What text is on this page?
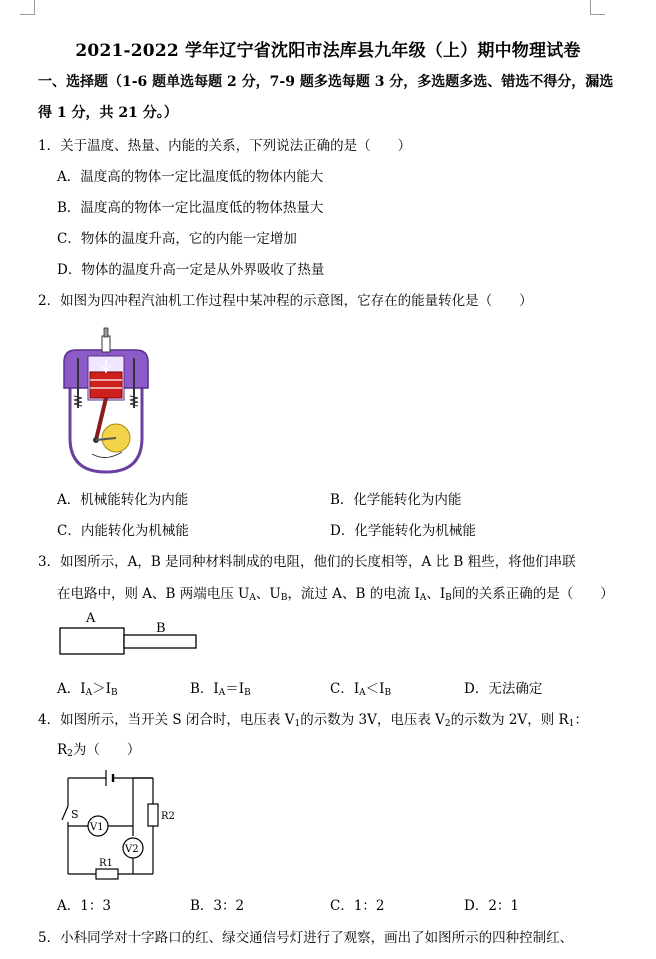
2021-2022 学年辽宁省沈阳市法库县九年级（上）期中物理试卷
一、选择题（1-6 题单选每题 2 分，7-9 题多选每题 3 分，多选题多选、错选不得分，漏选
得 1 分，共 21 分。）
1．关于温度、热量、内能的关系，下列说法正确的是（　　）
A．温度高的物体一定比温度低的物体内能大
B．温度高的物体一定比温度低的物体热量大
C．物体的温度升高，它的内能一定增加
D．物体的温度升高一定是从外界吸收了热量
2．如图为四冲程汽油机工作过程中某冲程的示意图，它存在的能量转化是（　　）
A．机械能转化为内能	B．化学能转化为内能
C．内能转化为机械能	D．化学能转化为机械能
3．如图所示，A，B 是同种材料制成的电阻，他们的长度相等，A 比 B 粗些，将他们串联
在电路中，则 A、B 两端电压 $U_A$、$U_B$，流过 A、B 的电流 $I_A$、$I_B$间的关系正确的是（　　）
A
B
A．$I_A>I_B$	B．$I_A=I_B$	C．$I_A<I_B$	D．无法确定
4．如图所示，当开关 S 闭合时，电压表 $V_1$的示数为 3V，电压表 $V_2$的示数为 2V，则 $R_1$：
$R_2$为（　　）
S	R2
V1
V2
R1
A．1：3	B．3：2	C．1：2	D．2：1
5．小科同学对十字路口的红、绿交通信号灯进行了观察，画出了如图所示的四种控制红、
